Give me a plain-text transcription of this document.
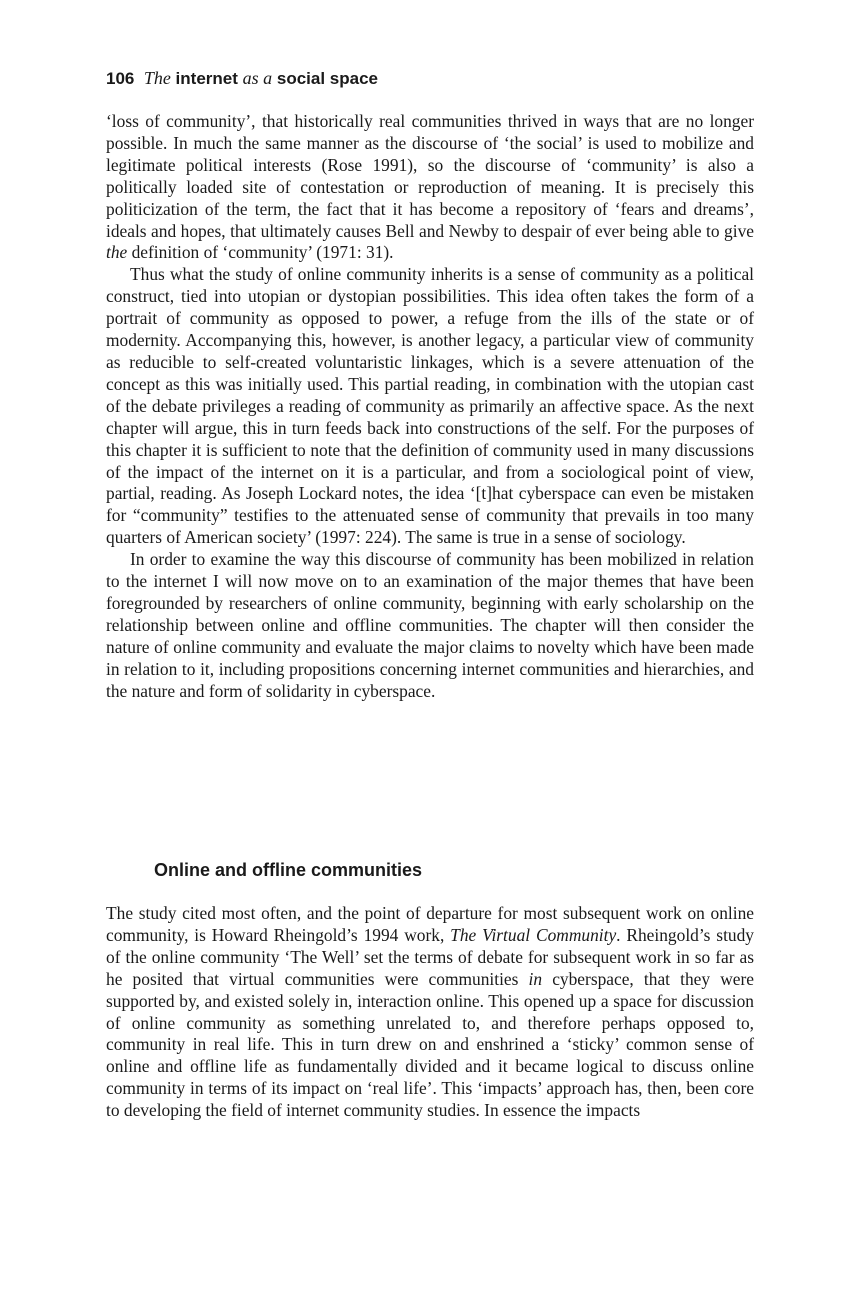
106 The internet as a social space

‘loss of community’, that historically real communities thrived in ways that are no longer possible. In much the same manner as the discourse of ‘the social’ is used to mobilize and legitimate political interests (Rose 1991), so the discourse of ‘community’ is also a politically loaded site of contestation or reproduction of meaning. It is precisely this politicization of the term, the fact that it has become a repository of ‘fears and dreams’, ideals and hopes, that ultimately causes Bell and Newby to despair of ever being able to give the definition of ‘community’ (1971: 31).

Thus what the study of online community inherits is a sense of community as a political construct, tied into utopian or dystopian possibilities. This idea often takes the form of a portrait of community as opposed to power, a refuge from the ills of the state or of modernity. Accompanying this, however, is another legacy, a particular view of community as reducible to self-created voluntaristic linkages, which is a severe attenuation of the concept as this was initially used. This partial reading, in combination with the utopian cast of the debate privileges a reading of community as primarily an affective space. As the next chapter will argue, this in turn feeds back into constructions of the self. For the purposes of this chapter it is sufficient to note that the definition of community used in many discussions of the impact of the internet on it is a particular, and from a sociological point of view, partial, reading. As Joseph Lockard notes, the idea ‘[t]hat cyberspace can even be mistaken for “community” testifies to the attenuated sense of community that prevails in too many quarters of American society’ (1997: 224). The same is true in a sense of sociology.

In order to examine the way this discourse of community has been mobilized in relation to the internet I will now move on to an examination of the major themes that have been foregrounded by researchers of online community, beginning with early scholarship on the relationship between online and offline communities. The chapter will then consider the nature of online community and evaluate the major claims to novelty which have been made in relation to it, including propositions concerning internet communities and hierarchies, and the nature and form of solidarity in cyberspace.

Online and offline communities

The study cited most often, and the point of departure for most subsequent work on online community, is Howard Rheingold’s 1994 work, The Virtual Community. Rheingold’s study of the online community ‘The Well’ set the terms of debate for subsequent work in so far as he posited that virtual communities were communities in cyberspace, that they were supported by, and existed solely in, interaction online. This opened up a space for discussion of online community as something unrelated to, and therefore perhaps opposed to, community in real life. This in turn drew on and enshrined a ‘sticky’ common sense of online and offline life as fundamentally divided and it became logical to discuss online community in terms of its impact on ‘real life’. This ‘impacts’ approach has, then, been core to developing the field of internet community studies. In essence the impacts
